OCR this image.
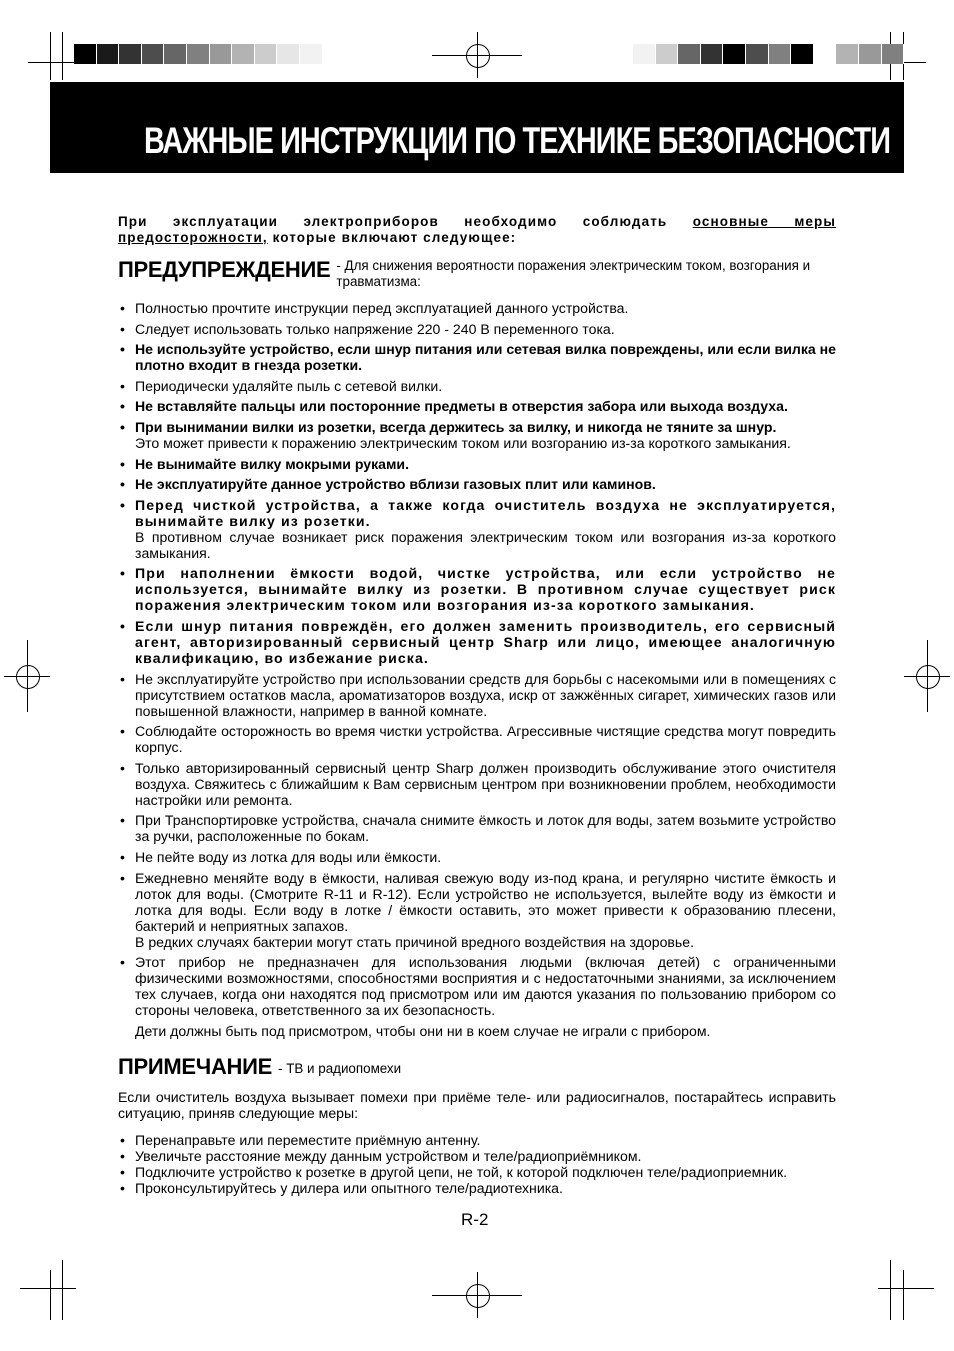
ВАЖНЫЕ ИНСТРУКЦИИ ПО ТЕХНИКЕ БЕЗОПАСНОСТИ
При эксплуатации электроприборов необходимо соблюдать основные меры предосторожности, которые включают следующее:
ПРЕДУПРЕЖДЕНИЕ - Для снижения вероятности поражения электрическим током, возгорания и травматизма:
• Полностью прочтите инструкции перед эксплуатацией данного устройства.
• Следует использовать только напряжение 220 - 240 В переменного тока.
• Не используйте устройство, если шнур питания или сетевая вилка повреждены, или если вилка не плотно входит в гнезда розетки.
• Периодически удаляйте пыль с сетевой вилки.
• Не вставляйте пальцы или посторонние предметы в отверстия забора или выхода воздуха.
• При вынимании вилки из розетки, всегда держитесь за вилку, и никогда не тяните за шнур.
Это может привести к поражению электрическим током или возгоранию из-за короткого замыкания.
• Не вынимайте вилку мокрыми руками.
• Не эксплуатируйте данное устройство вблизи газовых плит или каминов.
• Перед чисткой устройства, а также когда очиститель воздуха не эксплуатируется, вынимайте вилку из розетки.
В противном случае возникает риск поражения электрическим током или возгорания из-за короткого замыкания.
• При наполнении ёмкости водой, чистке устройства, или если устройство не используется, вынимайте вилку из розетки. В противном случае существует риск поражения электрическим током или возгорания из-за короткого замыкания.
• Если шнур питания повреждён, его должен заменить производитель, его сервисный агент, авторизированный сервисный центр Sharp или лицо, имеющее аналогичную квалификацию, во избежание риска.
• Не эксплуатируйте устройство при использовании средств для борьбы с насекомыми или в помещениях с присутствием остатков масла, ароматизаторов воздуха, искр от зажжённых сигарет, химических газов или повышенной влажности, например в ванной комнате.
• Соблюдайте осторожность во время чистки устройства. Агрессивные чистящие средства могут повредить корпус.
• Только авторизированный сервисный центр Sharp должен производить обслуживание этого очистителя воздуха. Свяжитесь с ближайшим к Вам сервисным центром при возникновении проблем, необходимости настройки или ремонта.
• При Транспортировке устройства, сначала снимите ёмкость и лоток для воды, затем возьмите устройство за ручки, расположенные по бокам.
• Не пейте воду из лотка для воды или ёмкости.
• Ежедневно меняйте воду в ёмкости, наливая свежую воду из-под крана, и регулярно чистите ёмкость и лоток для воды. (Смотрите R-11 и R-12). Если устройство не используется, вылейте воду из ёмкости и лотка для воды. Если воду в лотке / ёмкости оставить, это может привести к образованию плесени, бактерий и неприятных запахов.
В редких случаях бактерии могут стать причиной вредного воздействия на здоровье.
• Этот прибор не предназначен для использования людьми (включая детей) с ограниченными физическими возможностями, способностями восприятия и с недостаточными знаниями, за исключением тех случаев, когда они находятся под присмотром или им даются указания по пользованию прибором со стороны человека, ответственного за их безопасность.
Дети должны быть под присмотром, чтобы они ни в коем случае не играли с прибором.
ПРИМЕЧАНИЕ - ТВ и радиопомехи
Если очиститель воздуха вызывает помехи при приёме теле- или радиосигналов, постарайтесь исправить ситуацию, приняв следующие меры:
• Перенаправьте или переместите приёмную антенну.
• Увеличьте расстояние между данным устройством и теле/радиоприёмником.
• Подключите устройство к розетке в другой цепи, не той, к которой подключен теле/радиоприемник.
• Проконсультируйтесь у дилера или опытного теле/радиотехника.
R-2
